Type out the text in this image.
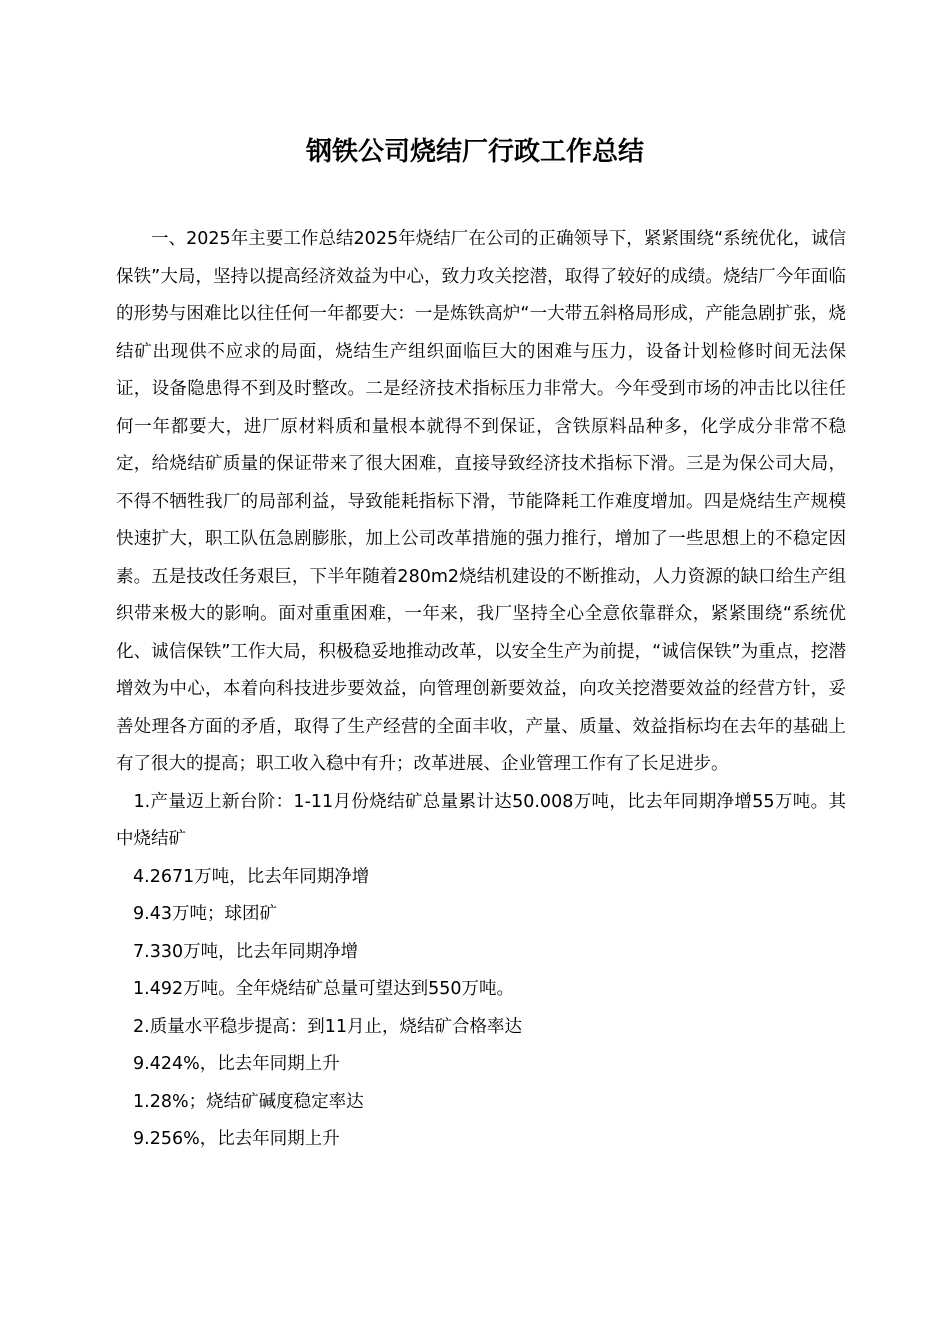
钢铁公司烧结厂行政工作总结

一、2025年主要工作总结2025年烧结厂在公司的正确领导下，紧紧围绕“系统优化，诚信保铁”大局，坚持以提高经济效益为中心，致力攻关挖潜，取得了较好的成绩。烧结厂今年面临的形势与困难比以往任何一年都要大：一是炼铁高炉“一大带五斜格局形成，产能急剧扩张，烧结矿出现供不应求的局面，烧结生产组织面临巨大的困难与压力，设备计划检修时间无法保证，设备隐患得不到及时整改。二是经济技术指标压力非常大。今年受到市场的冲击比以往任何一年都要大，进厂原材料质和量根本就得不到保证，含铁原料品种多，化学成分非常不稳定，给烧结矿质量的保证带来了很大困难，直接导致经济技术指标下滑。三是为保公司大局，不得不牺牲我厂的局部利益，导致能耗指标下滑，节能降耗工作难度增加。四是烧结生产规模快速扩大，职工队伍急剧膨胀，加上公司改革措施的强力推行，增加了一些思想上的不稳定因素。五是技改任务艰巨，下半年随着280m2烧结机建设的不断推动，人力资源的缺口给生产组织带来极大的影响。面对重重困难，一年来，我厂坚持全心全意依靠群众，紧紧围绕“系统优化、诚信保铁”工作大局，积极稳妥地推动改革，以安全生产为前提，“诚信保铁”为重点，挖潜增效为中心，本着向科技进步要效益，向管理创新要效益，向攻关挖潜要效益的经营方针，妥善处理各方面的矛盾，取得了生产经营的全面丰收，产量、质量、效益指标均在去年的基础上有了很大的提高；职工收入稳中有升；改革进展、企业管理工作有了长足进步。

1.产量迈上新台阶：1-11月份烧结矿总量累计达50.008万吨，比去年同期净增55万吨。其中烧结矿

4.2671万吨，比去年同期净增

9.43万吨；球团矿

7.330万吨，比去年同期净增

1.492万吨。全年烧结矿总量可望达到550万吨。

2.质量水平稳步提高：到11月止，烧结矿合格率达

9.424%，比去年同期上升

1.28%；烧结矿碱度稳定率达

9.256%，比去年同期上升
